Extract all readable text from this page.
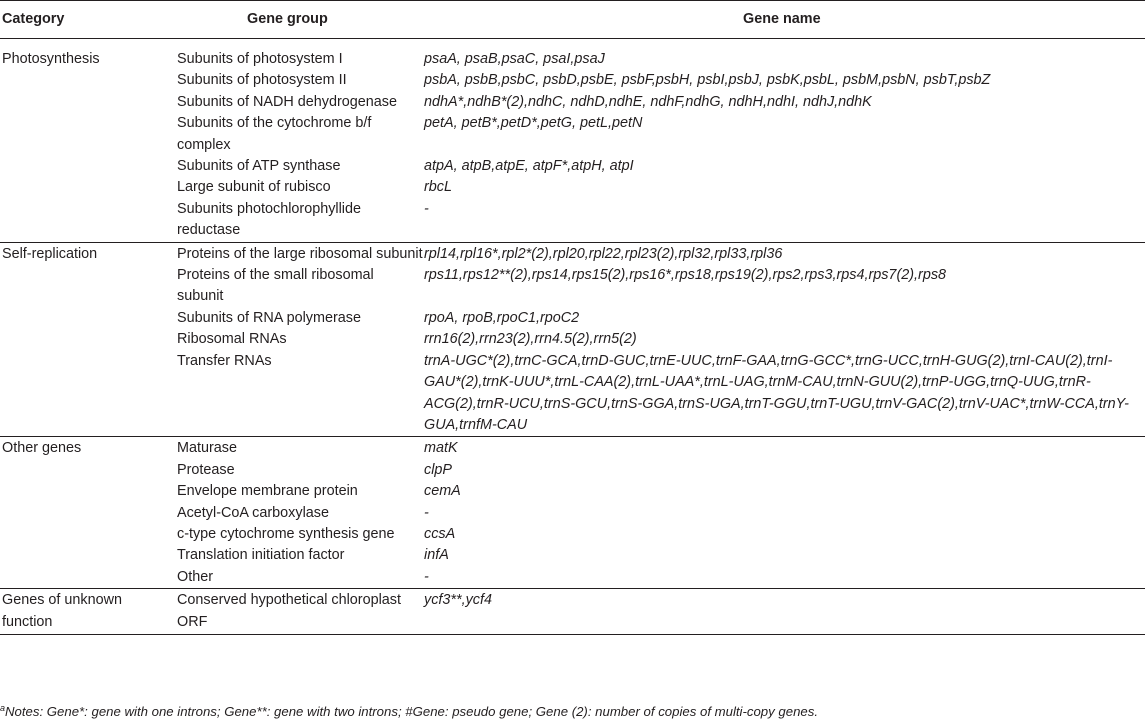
Category	Gene group	Gene name
Photosynthesis	Subunits of photosystem I	psaA, psaB,psaC, psaI,psaJ
	Subunits of photosystem II	psbA, psbB,psbC, psbD,psbE, psbF,psbH, psbI,psbJ, psbK,psbL, psbM,psbN, psbT,psbZ
	Subunits of NADH dehydrogenase	ndhA*,ndhB*(2),ndhC, ndhD,ndhE, ndhF,ndhG, ndhH,ndhI, ndhJ,ndhK
	Subunits of the cytochrome b/f complex	petA, petB*,petD*,petG, petL,petN
	Subunits of ATP synthase	atpA, atpB,atpE, atpF*,atpH, atpI
	Large subunit of rubisco	rbcL
	Subunits photochlorophyllide reductase	-
Self-replication	Proteins of the large ribosomal subunit	rpl14,rpl16*,rpl2*(2),rpl20,rpl22,rpl23(2),rpl32,rpl33,rpl36
	Proteins of the small ribosomal subunit	rps11,rps12**(2),rps14,rps15(2),rps16*,rps18,rps19(2),rps2,rps3,rps4,rps7(2),rps8
	Subunits of RNA polymerase	rpoA, rpoB,rpoC1,rpoC2
	Ribosomal RNAs	rrn16(2),rrn23(2),rrn4.5(2),rrn5(2)
	Transfer RNAs	trnA-UGC*(2),trnC-GCA,trnD-GUC,trnE-UUC,trnF-GAA,trnG-GCC*,trnG-UCC,trnH-GUG(2),trnI-CAU(2),trnI-GAU*(2),trnK-UUU*,trnL-CAA(2),trnL-UAA*,trnL-UAG,trnM-CAU,trnN-GUU(2),trnP-UGG,trnQ-UUG,trnR-ACG(2),trnR-UCU,trnS-GCU,trnS-GGA,trnS-UGA,trnT-GGU,trnT-UGU,trnV-GAC(2),trnV-UAC*,trnW-CCA,trnY-GUA,trnfM-CAU
Other genes	Maturase	matK
	Protease	clpP
	Envelope membrane protein	cemA
	Acetyl-CoA carboxylase	-
	c-type cytochrome synthesis gene	ccsA
	Translation initiation factor	infA
	Other	-
Genes of unknown function	Conserved hypothetical chloroplast ORF	ycf3**,ycf4
$^a$Notes: Gene*: gene with one introns; Gene**: gene with two introns; #Gene: pseudo gene; Gene (2): number of copies of multi-copy genes.
